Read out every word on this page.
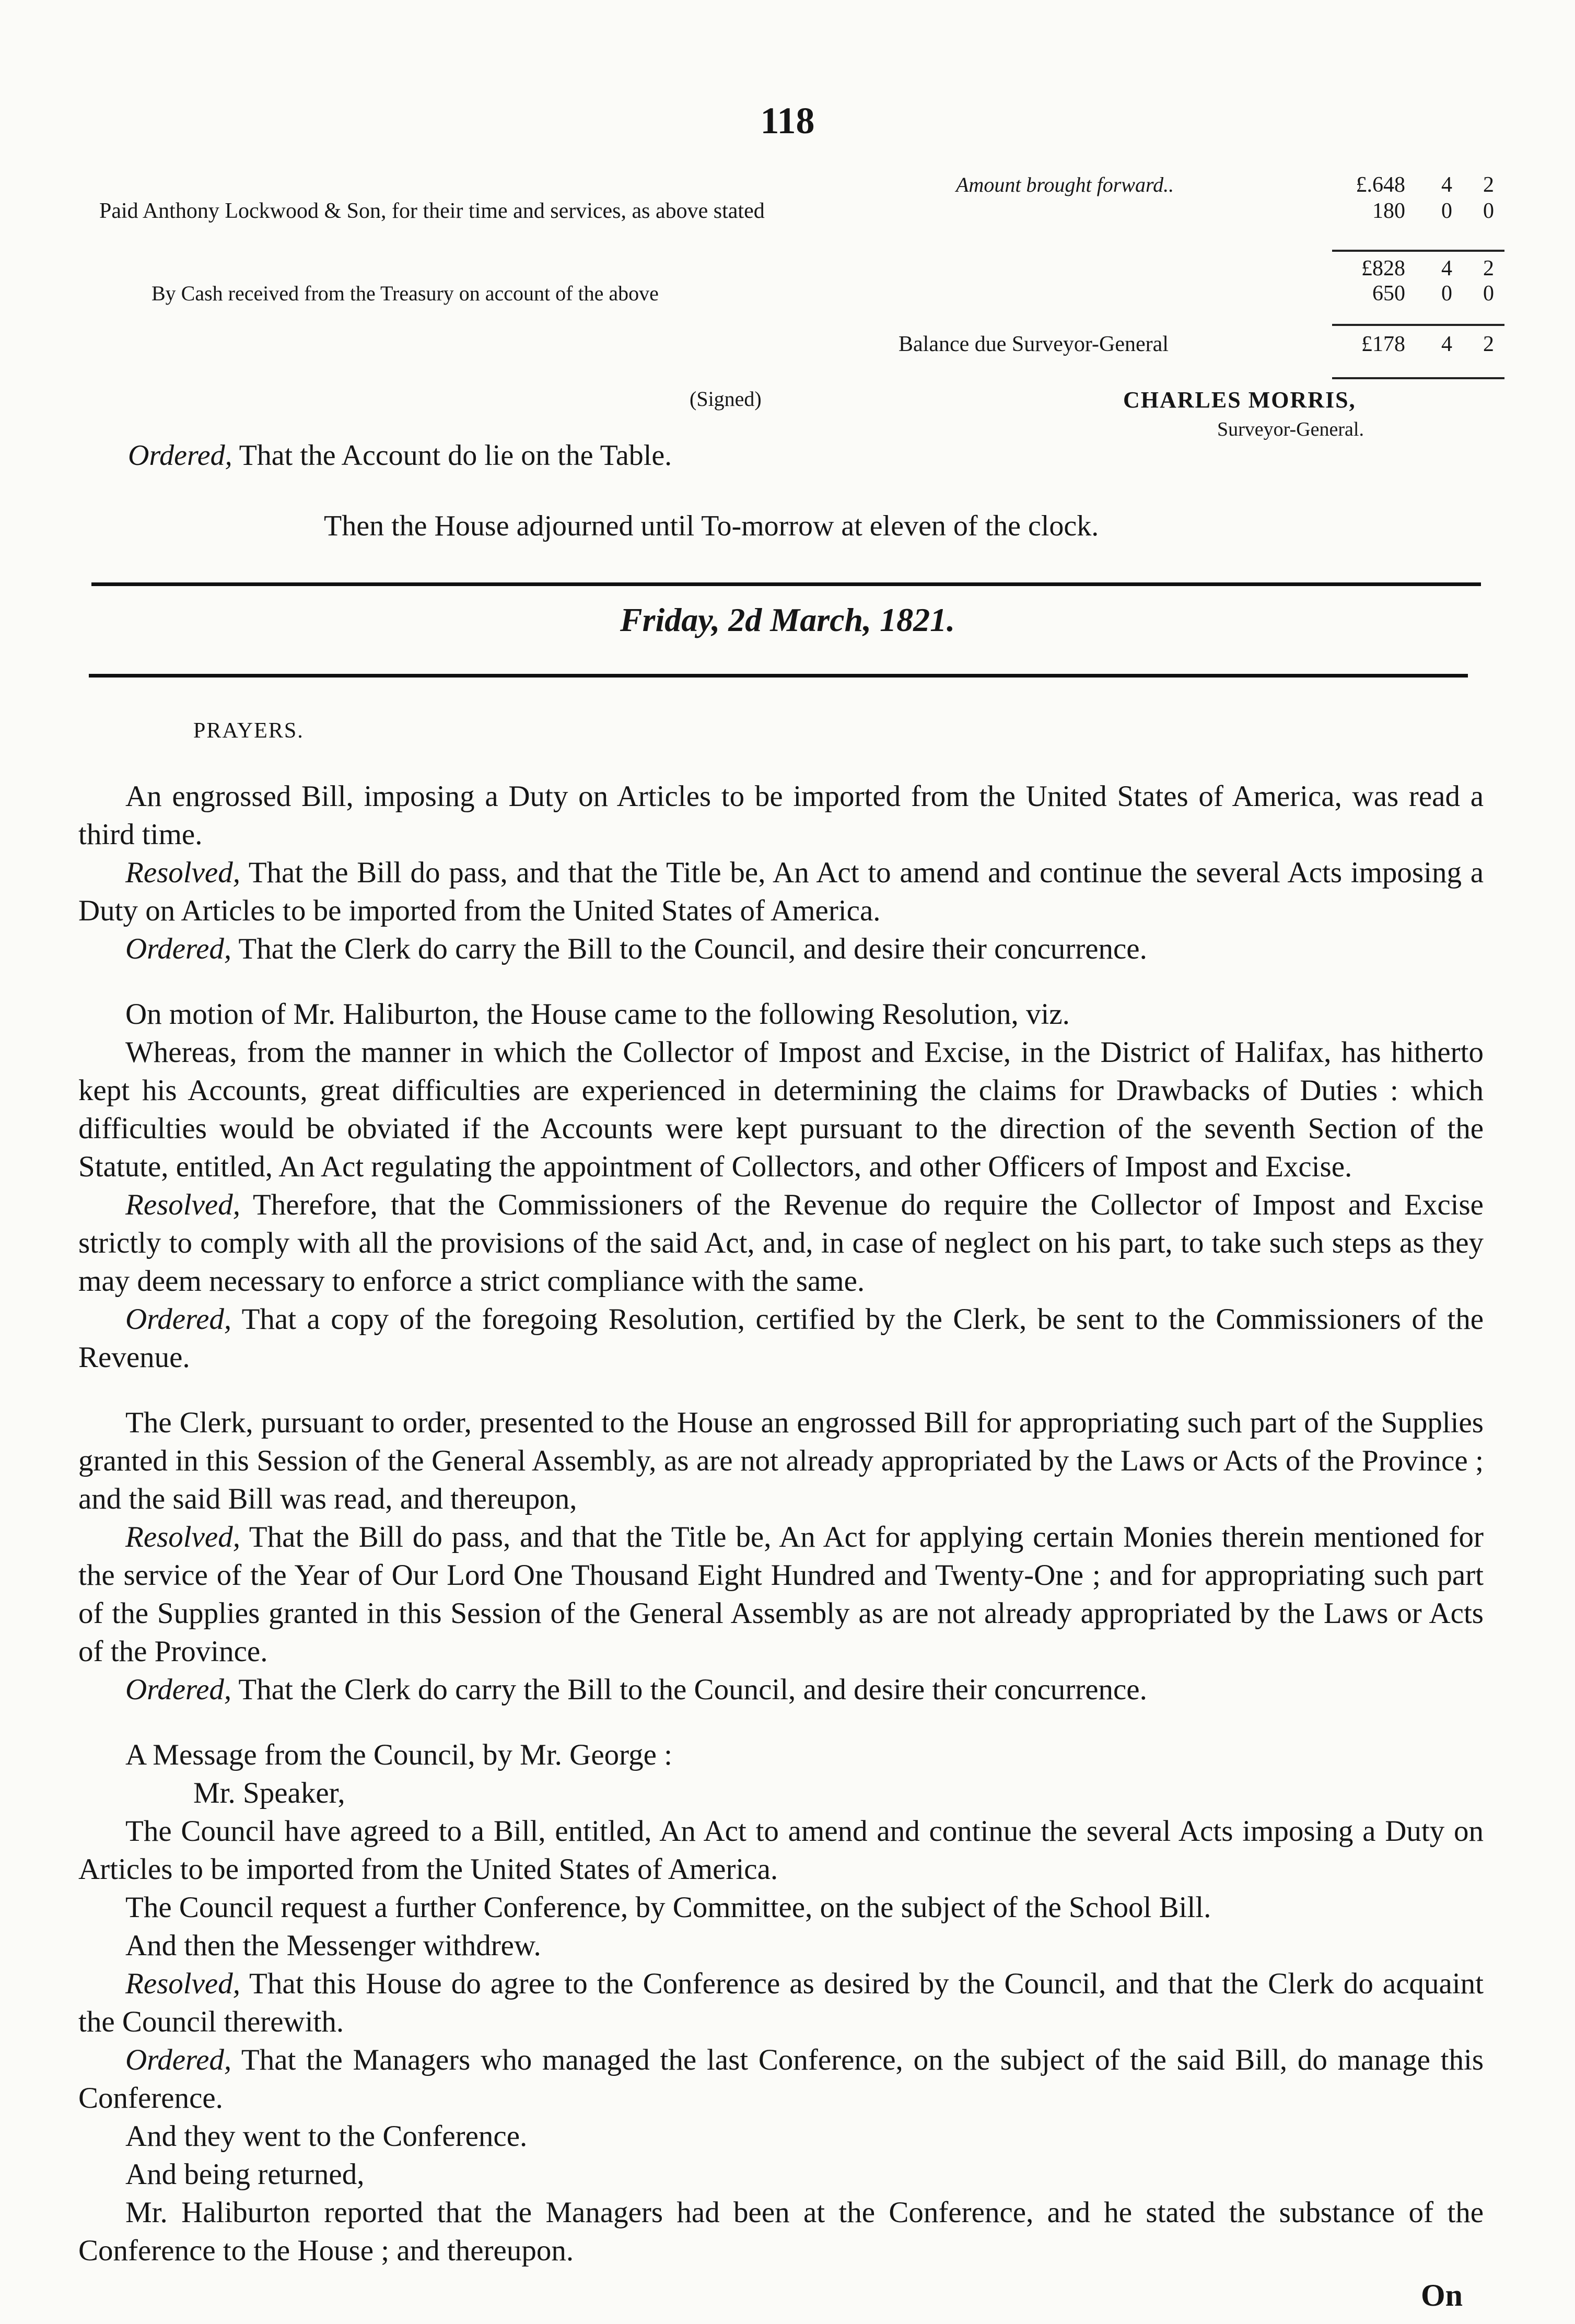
118
Amount brought forward..	£.648	4	2
Paid Anthony Lockwood & Son, for their time and services, as above stated	180	0	0
£828	4	2
By Cash received from the Treasury on account of the above	650	0	0
Balance due Surveyor-General	£178	4	2
(Signed)	CHARLES MORRIS,
Surveyor-General.
Ordered, That the Account do lie on the Table.
Then the House adjourned until To-morrow at eleven of the clock.
Friday, 2d March, 1821.
PRAYERS.

An engrossed Bill, imposing a Duty on Articles to be imported from the United States of America, was read a third time.

Resolved, That the Bill do pass, and that the Title be, An Act to amend and continue the several Acts imposing a Duty on Articles to be imported from the United States of America.

Ordered, That the Clerk do carry the Bill to the Council, and desire their concurrence.

On motion of Mr. Haliburton, the House came to the following Resolution, viz.

Whereas, from the manner in which the Collector of Impost and Excise, in the District of Halifax, has hitherto kept his Accounts, great difficulties are experienced in determining the claims for Drawbacks of Duties : which difficulties would be obviated if the Accounts were kept pursuant to the direction of the seventh Section of the Statute, entitled, An Act regulating the appointment of Collectors, and other Officers of Impost and Excise.

Resolved, Therefore, that the Commissioners of the Revenue do require the Collector of Impost and Excise strictly to comply with all the provisions of the said Act, and, in case of neglect on his part, to take such steps as they may deem necessary to enforce a strict compliance with the same.

Ordered, That a copy of the foregoing Resolution, certified by the Clerk, be sent to the Commissioners of the Revenue.

The Clerk, pursuant to order, presented to the House an engrossed Bill for appropriating such part of the Supplies granted in this Session of the General Assembly, as are not already appropriated by the Laws or Acts of the Province ; and the said Bill was read, and thereupon,

Resolved, That the Bill do pass, and that the Title be, An Act for applying certain Monies therein mentioned for the service of the Year of Our Lord One Thousand Eight Hundred and Twenty-One ; and for appropriating such part of the Supplies granted in this Session of the General Assembly as are not already appropriated by the Laws or Acts of the Province.

Ordered, That the Clerk do carry the Bill to the Council, and desire their concurrence.

A Message from the Council, by Mr. George :

Mr. Speaker,

The Council have agreed to a Bill, entitled, An Act to amend and continue the several Acts imposing a Duty on Articles to be imported from the United States of America.

The Council request a further Conference, by Committee, on the subject of the School Bill.

And then the Messenger withdrew.

Resolved, That this House do agree to the Conference as desired by the Council, and that the Clerk do acquaint the Council therewith.

Ordered, That the Managers who managed the last Conference, on the subject of the said Bill, do manage this Conference.

And they went to the Conference.

And being returned,

Mr. Haliburton reported that the Managers had been at the Conference, and he stated the substance of the Conference to the House ; and thereupon.

On
